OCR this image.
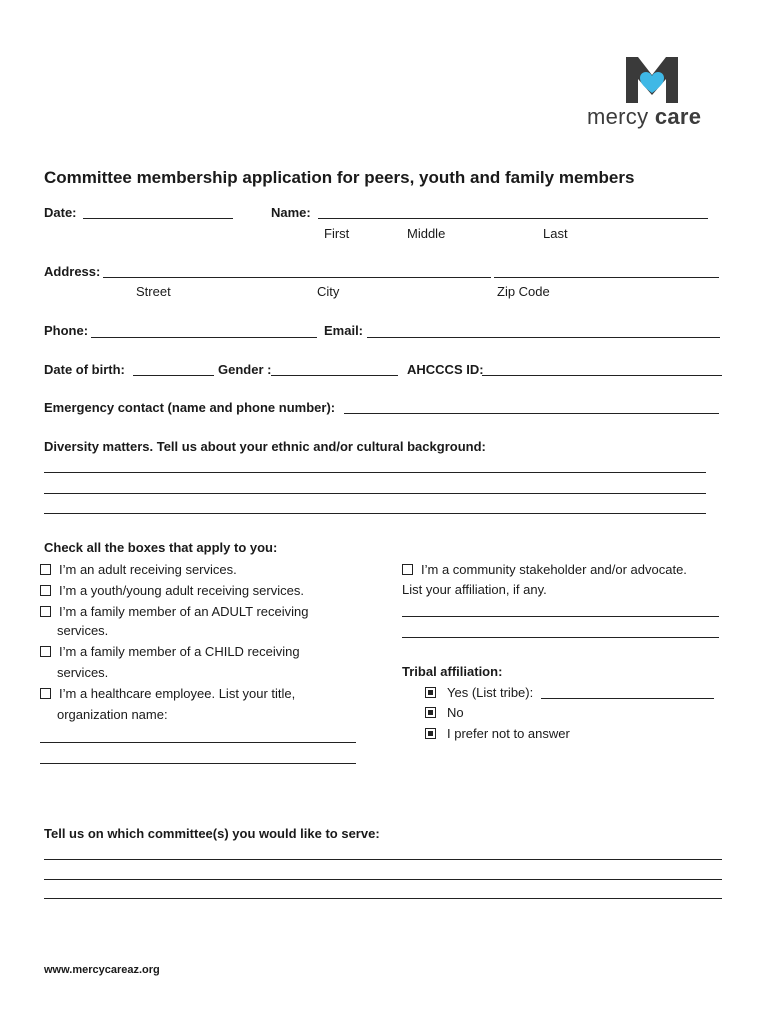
mercy care
Committee membership application for peers, youth and family members
Date:	Name:
First	Middle	Last
Address:
Street	City	Zip Code
Phone:	Email:
Date of birth:	Gender :	AHCCCS ID:
Emergency contact (name and phone number):
Diversity matters. Tell us about your ethnic and/or cultural background:
Check all the boxes that apply to you:
I’m an adult receiving services.
I’m a youth/young adult receiving services.
I’m a family member of an ADULT receiving
services.
I’m a family member of a CHILD receiving
services.
I’m a healthcare employee. List your title,
organization name:
I’m a community stakeholder and/or advocate.
List your affiliation, if any.
Tribal affiliation:
Yes (List tribe):
No
I prefer not to answer
Tell us on which committee(s) you would like to serve:
www.mercycareaz.org
